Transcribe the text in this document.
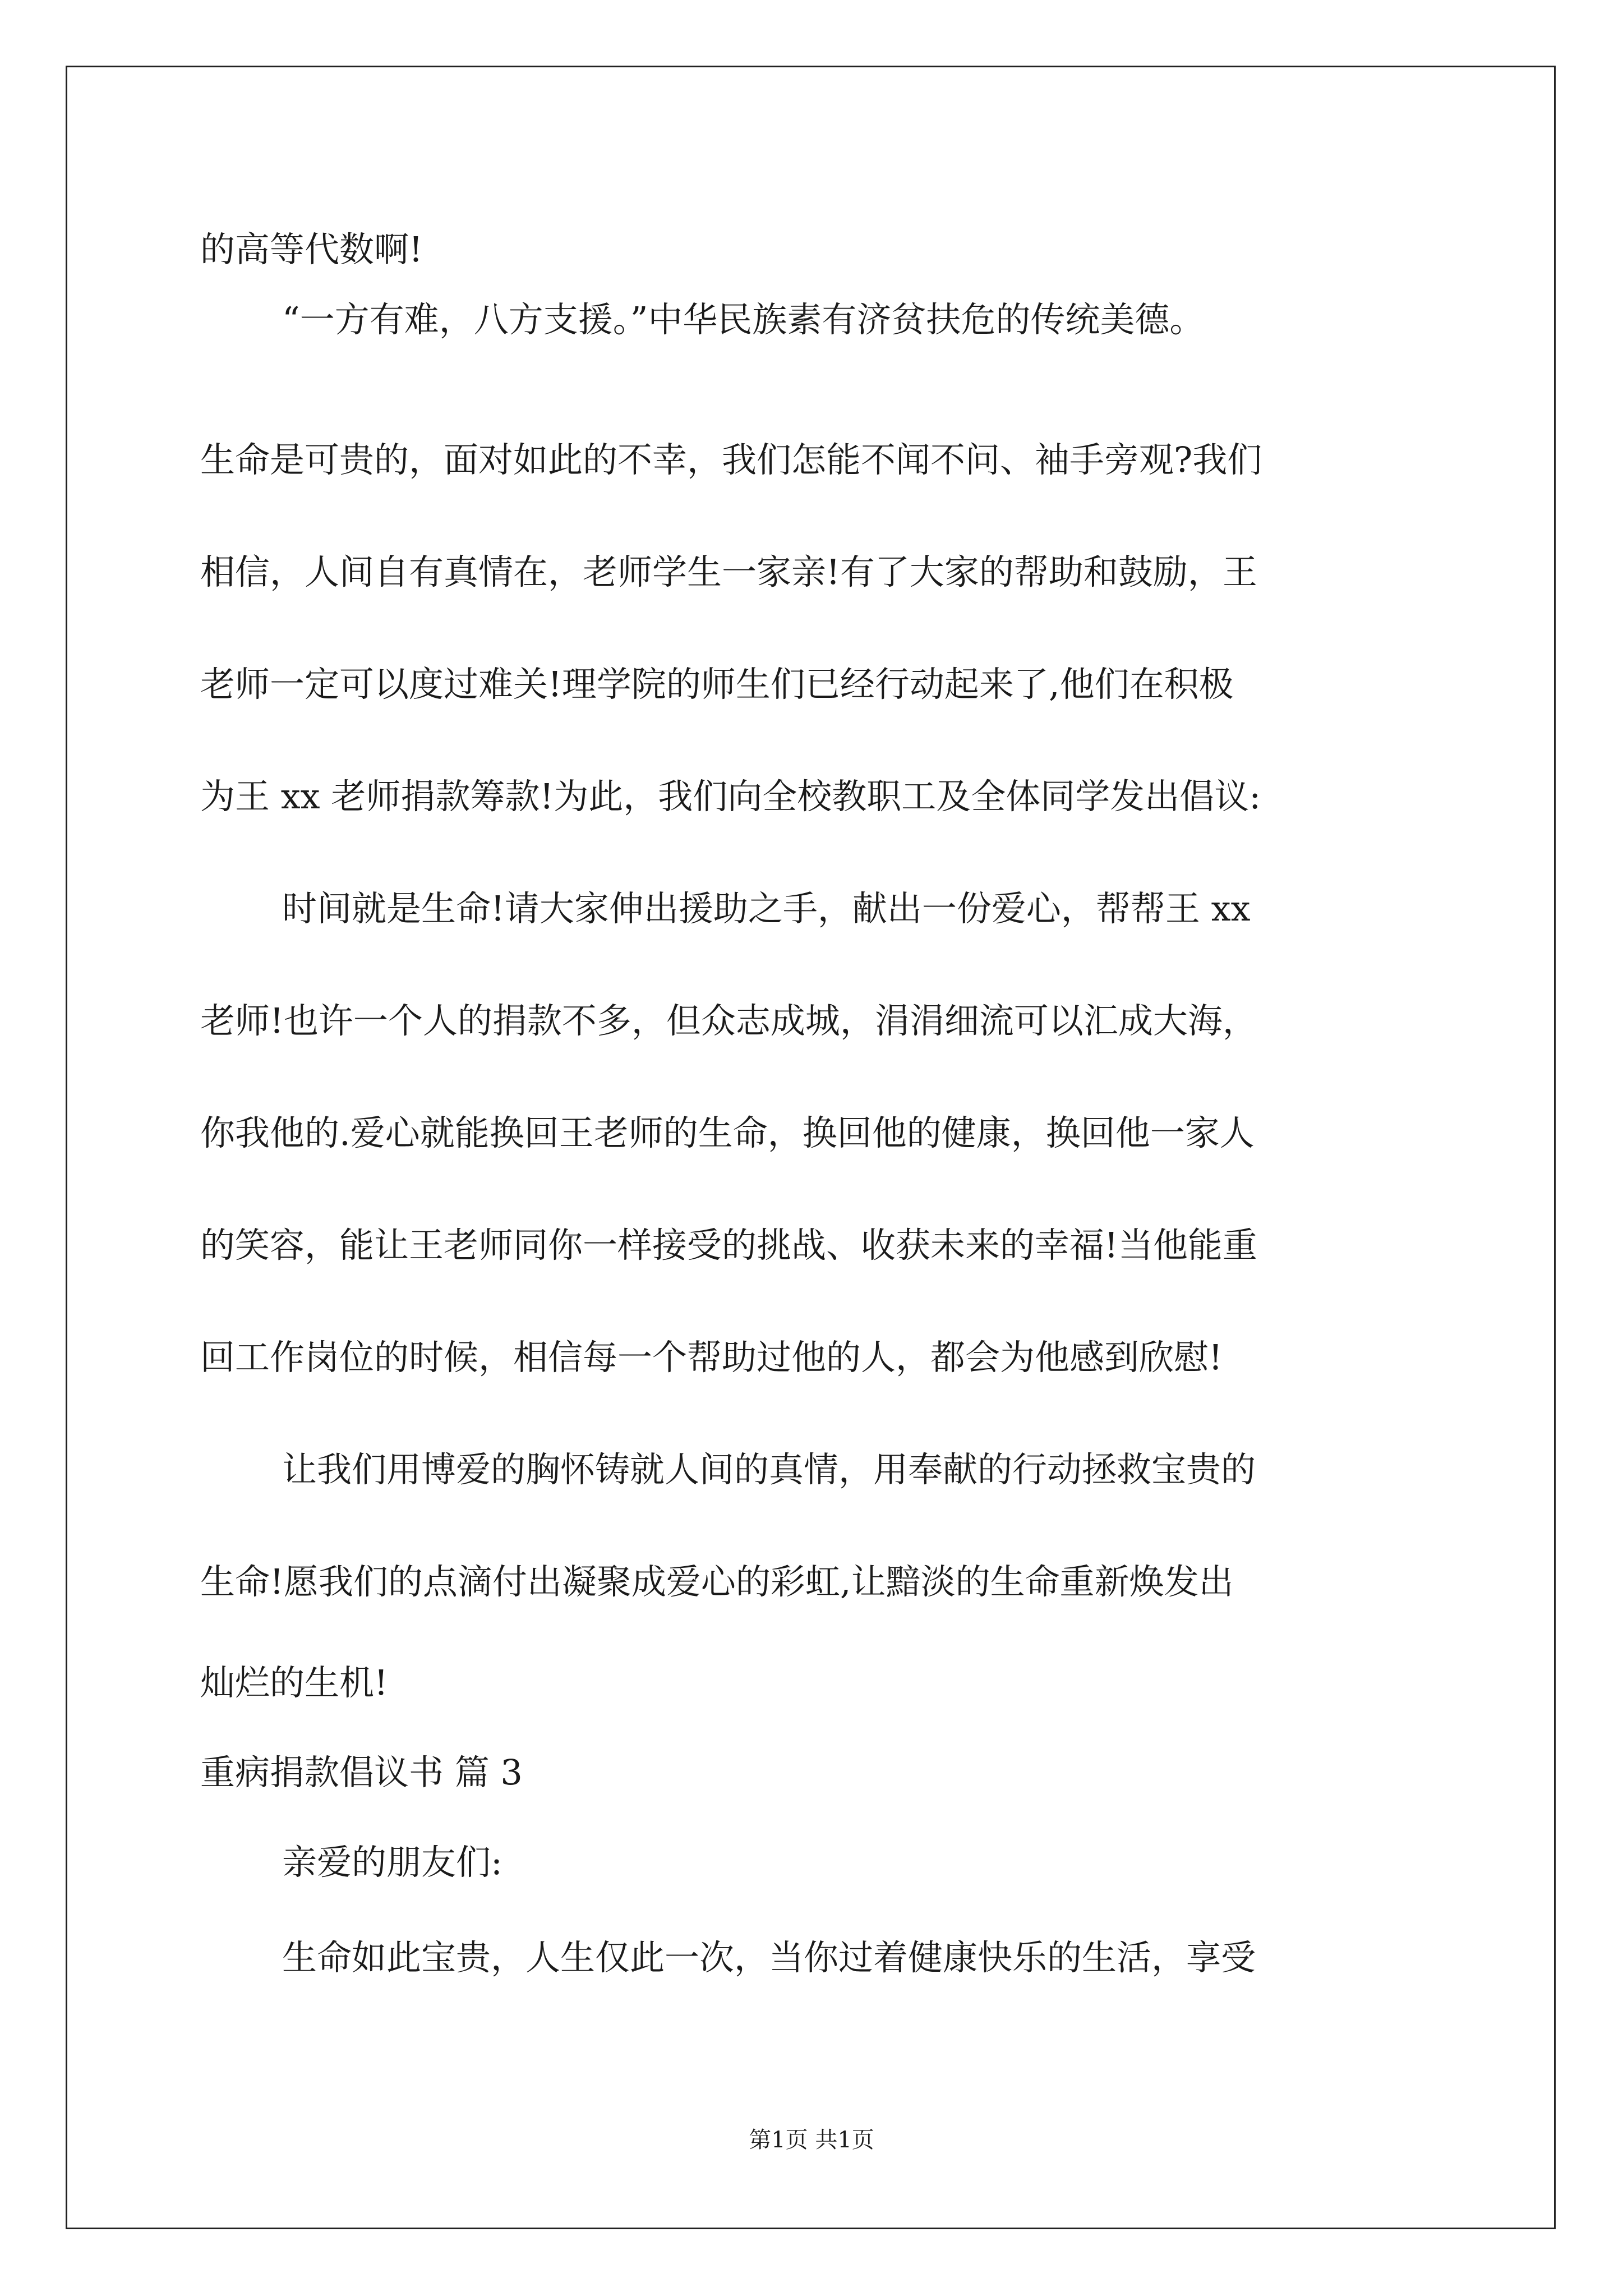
的高等代数啊!
“一方有难，八方支援。”中华民族素有济贫扶危的传统美德。
生命是可贵的，面对如此的不幸，我们怎能不闻不问、袖手旁观?我们
相信，人间自有真情在，老师学生一家亲!有了大家的帮助和鼓励，王
老师一定可以度过难关!理学院的师生们已经行动起来了,他们在积极
为王 xx 老师捐款筹款!为此，我们向全校教职工及全体同学发出倡议:
时间就是生命!请大家伸出援助之手，献出一份爱心，帮帮王 xx
老师!也许一个人的捐款不多，但众志成城，涓涓细流可以汇成大海，
你我他的.爱心就能换回王老师的生命，换回他的健康，换回他一家人
的笑容，能让王老师同你一样接受的挑战、收获未来的幸福!当他能重
回工作岗位的时候，相信每一个帮助过他的人，都会为他感到欣慰!
让我们用博爱的胸怀铸就人间的真情，用奉献的行动拯救宝贵的
生命!愿我们的点滴付出凝聚成爱心的彩虹,让黯淡的生命重新焕发出
灿烂的生机!
重病捐款倡议书 篇 3
亲爱的朋友们:
生命如此宝贵，人生仅此一次，当你过着健康快乐的生活，享受
第1页 共1页
